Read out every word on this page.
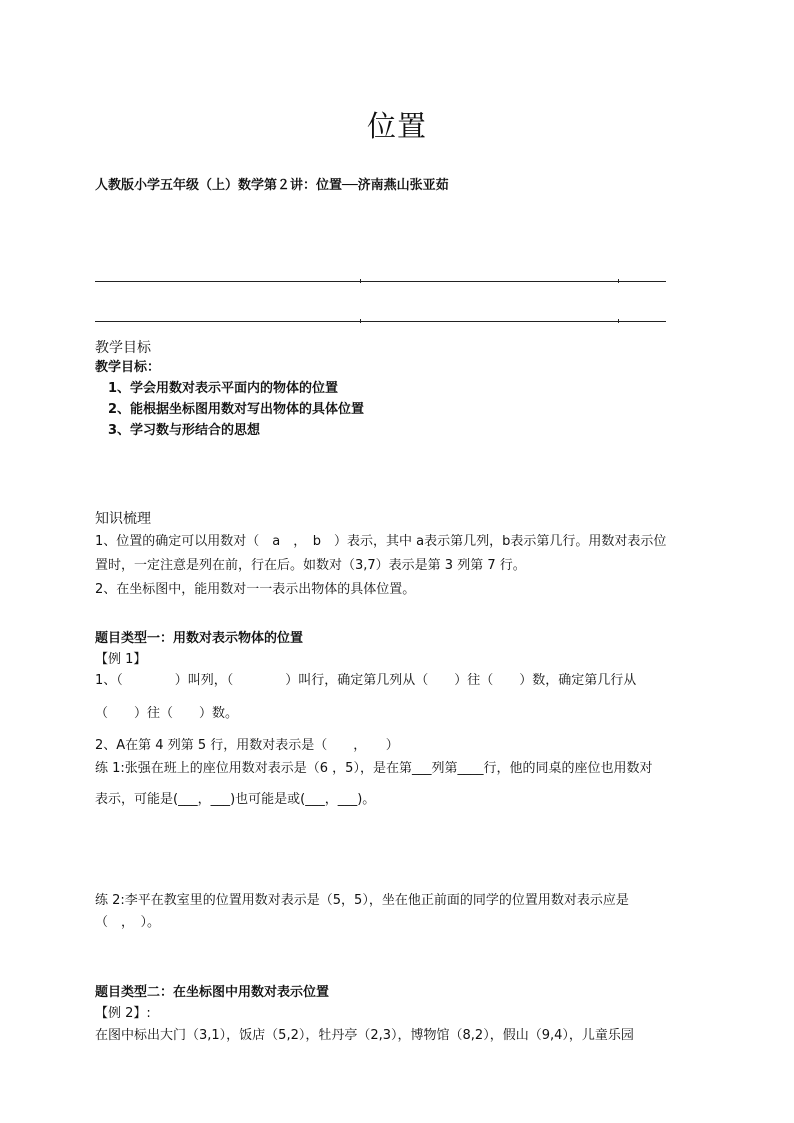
位置
人教版小学五年级（上）数学第２讲：位置──济南燕山张亚茹
教学目标
教学目标：
1、学会用数对表示平面内的物体的位置
2、能根据坐标图用数对写出物体的具体位置
3、学习数与形结合的思想
知识梳理
1、位置的确定可以用数对（　a　，　b　）表示，其中 a表示第几列，b表示第几行。用数对表示位
置时，一定注意是列在前，行在后。如数对（3,7）表示是第 3 列第 7 行。
2、在坐标图中，能用数对一一表示出物体的具体位置。
题目类型一：用数对表示物体的位置
【例 1】
1、（　　　　）叫列，（　　　　）叫行，确定第几列从（　　）往（　　）数，确定第几行从
（　　）往（　　）数。
2、A在第 4 列第 5 行，用数对表示是（　　，　　）
练 1:张强在班上的座位用数对表示是（6 ，5），是在第___列第____行，他的同桌的座位也用数对
表示，可能是(___，___)也可能是或(___，___)。
练 2:李平在教室里的位置用数对表示是（5，5），坐在他正前面的同学的位置用数对表示应是
（　，　）。
题目类型二：在坐标图中用数对表示位置
【例 2】:
在图中标出大门（3,1），饭店（5,2），牡丹亭（2,3），博物馆（8,2），假山（9,4），儿童乐园
